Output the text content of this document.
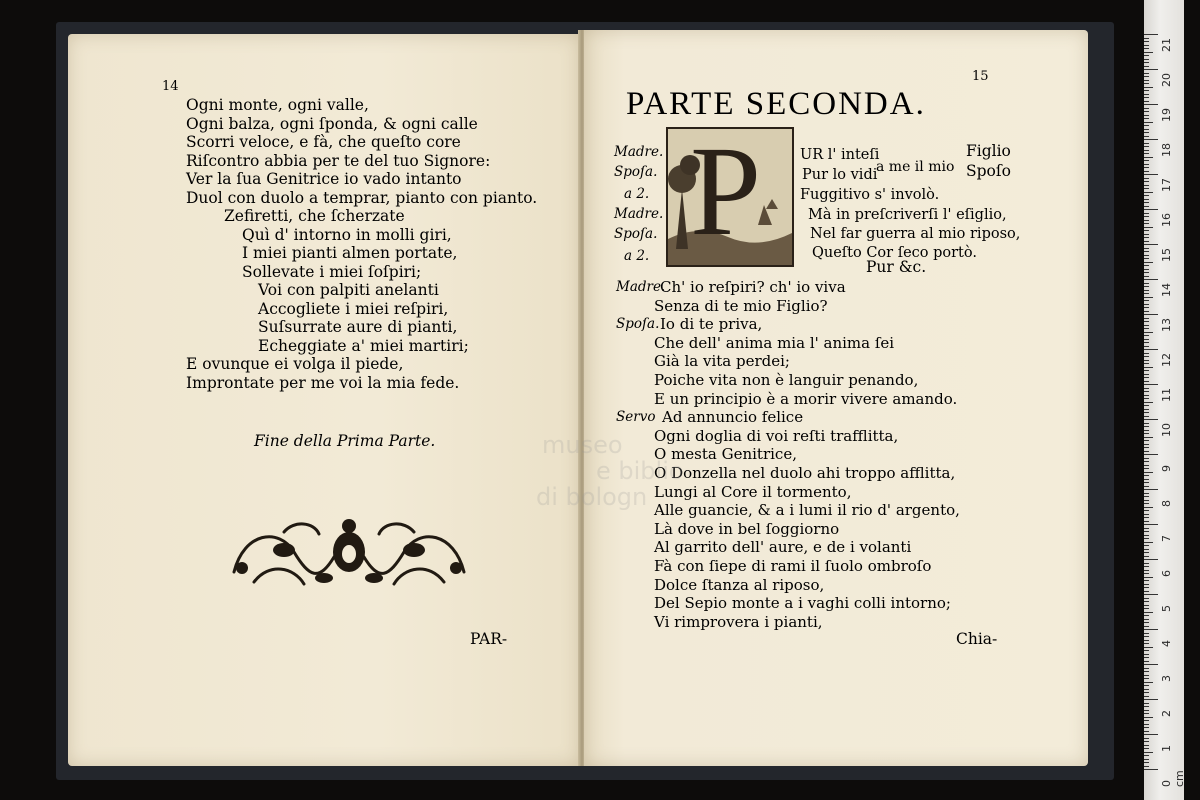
14
Ogni monte, ogni valle,
Ogni balza, ogni ſponda, & ogni calle
Scorri veloce, e fà, che queſto core
Riſcontro abbia per te del tuo Signore:
Ver la ſua Genitrice io vado intanto
Duol con duolo a temprar, pianto con pianto.
Zefiretti, che ſcherzate
Quì d' intorno in molli giri,
I miei pianti almen portate,
Sollevate i miei ſoſpiri;
Voi con palpiti anelanti
Accogliete i miei reſpiri,
Suſsurrate aure di pianti,
Echeggiate a' miei martiri;
E ovunque ei volga il piede,
Improntate per me voi la mia fede.
Fine della Prima Parte.
PAR-
15
PARTE SECONDA.
Madre.
Spoſa.
a 2.
Madre.
Spoſa.
a 2. P	UR l' inteſi
Pur lo vidi
Fuggitivo s' involò.
Mà in preſcriverſi l' eſiglio,
Nel far guerra al mio riposo,
Queſto Cor ſeco portò.
a me il mio
Figlio
Spoſo
Pur &c.
Madre.
Ch' io reſpiri? ch' io viva
Senza di te mio Figlio?
Spoſa. Io di te priva,
Che dell' anima mia l' anima ſei
Già la vita perdei;
Poiche vita non è languir penando,
E un principio è a morir vivere amando.
Servo Ad annuncio felice
Ogni doglia di voi reſti trafflitta,
O mesta Genitrice,
O Donzella nel duolo ahi troppo afflitta,
Lungi al Core il tormento,
Alle guancie, & a i lumi il rio d' argento,
Là dove in bel ſoggiorno
Al garrito dell' aure, e de i volanti
Fà con ſiepe di rami il ſuolo ombroſo
Dolce ſtanza al riposo,
Del Sepio monte a i vaghi colli intorno;
Vi rimprovera i pianti,
Chia-
museo
e biblio
di bologn
21
20
19
18
17
16
15
14
13
12
11
10
9
8
7
6
5
4
3
2
1
0 cm
